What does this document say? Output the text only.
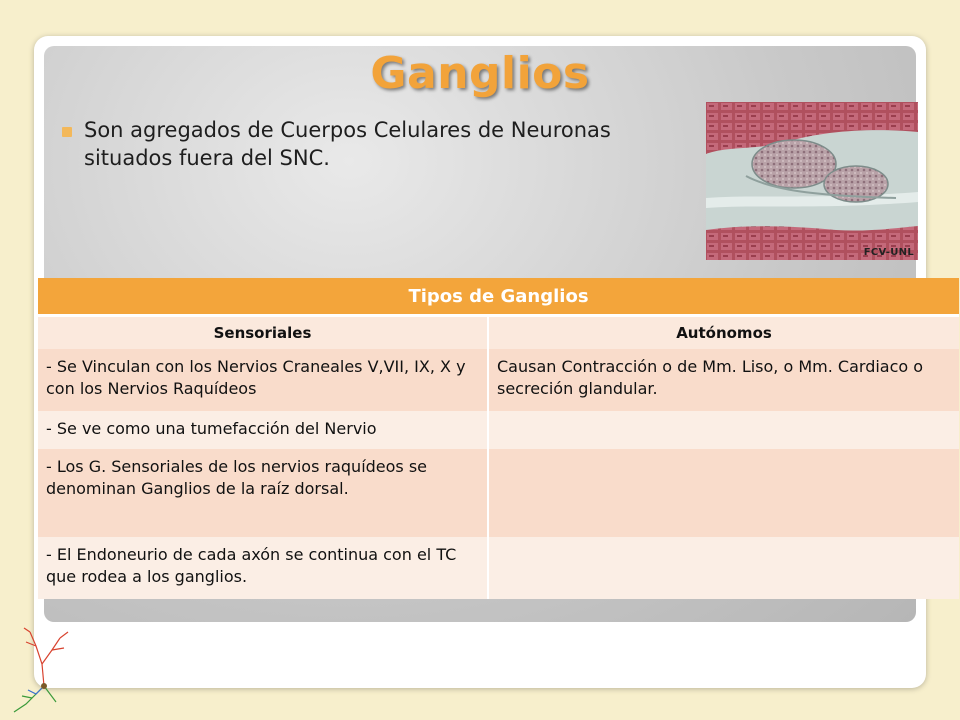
Ganglios
Son agregados de Cuerpos Celulares de Neuronas
situados fuera del SNC.
FCV-UNL
Tipos de Ganglios	
Sensoriales	Autónomos
- Se Vinculan con los Nervios Craneales V,VII, IX, X y con los Nervios Raquídeos	Causan Contracción o de Mm. Liso, o Mm. Cardiaco o secreción glandular.
- Se ve como una tumefacción del Nervio	
- Los G. Sensoriales de los nervios raquídeos se denominan Ganglios de la raíz dorsal.	
- El Endoneurio de cada axón se continua con el TC que rodea a los ganglios.	
